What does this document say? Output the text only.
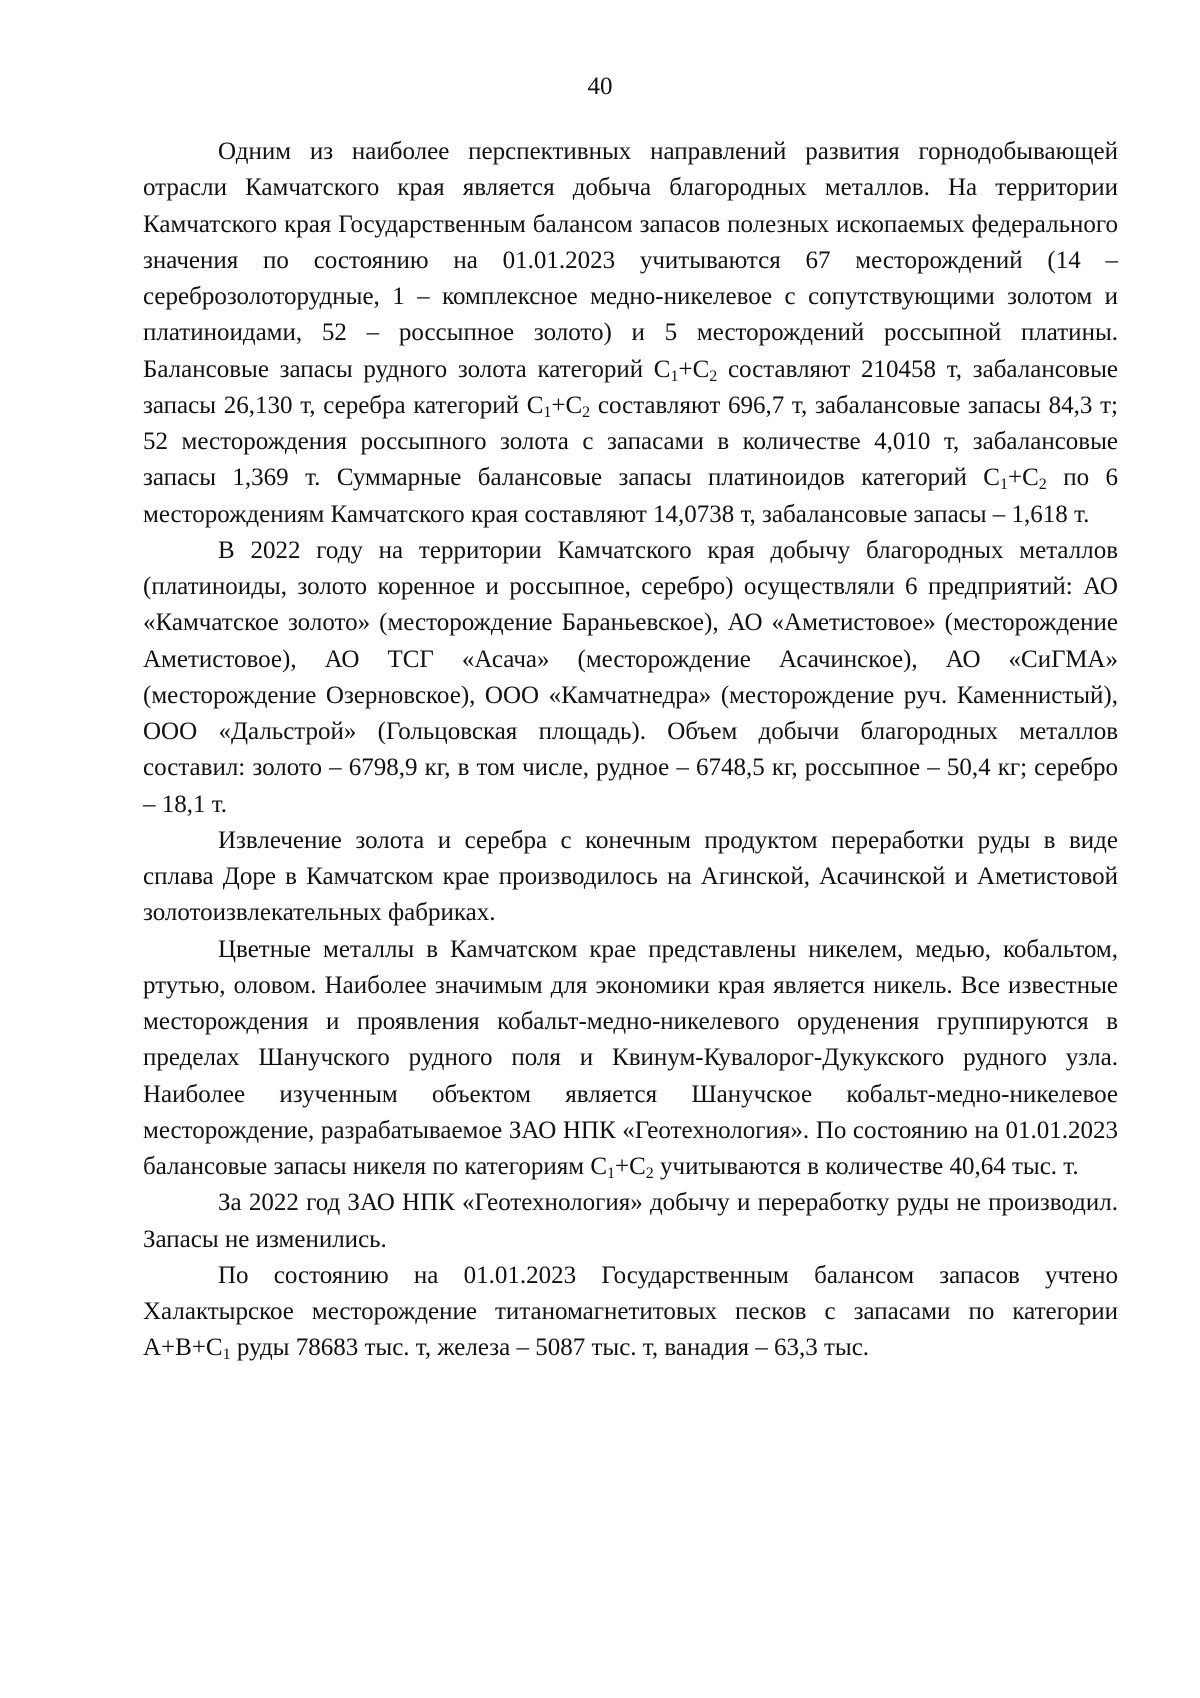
40

Одним из наиболее перспективных направлений развития горнодобывающей отрасли Камчатского края является добыча благородных металлов. На территории Камчатского края Государственным балансом запасов полезных ископаемых федерального значения по состоянию на 01.01.2023 учитываются 67 месторождений (14 – сереброзолоторудные, 1 – комплексное медно-никелевое с сопутствующими золотом и платиноидами, 52 – россыпное золото) и 5 месторождений россыпной платины. Балансовые запасы рудного золота категорий $С_1+С_2$ составляют 210458 т, забалансовые запасы 26,130 т, серебра категорий $С_1+С_2$ составляют 696,7 т, забалансовые запасы 84,3 т; 52 месторождения россыпного золота с запасами в количестве 4,010 т, забалансовые запасы 1,369 т. Суммарные балансовые запасы платиноидов категорий $С_1+С_2$ по 6 месторождениям Камчатского края составляют 14,0738 т, забалансовые запасы – 1,618 т.

В 2022 году на территории Камчатского края добычу благородных металлов (платиноиды, золото коренное и россыпное, серебро) осуществляли 6 предприятий: АО «Камчатское золото» (месторождение Бараньевское), АО «Аметистовое» (месторождение Аметистовое), АО ТСГ «Асача» (месторождение Асачинское), АО «СиГМА» (месторождение Озерновское), ООО «Камчатнедра» (месторождение руч. Каменнистый), ООО «Дальстрой» (Гольцовская площадь). Объем добычи благородных металлов составил: золото – 6798,9 кг, в том числе, рудное – 6748,5 кг, россыпное – 50,4 кг; серебро – 18,1 т.

Извлечение золота и серебра с конечным продуктом переработки руды в виде сплава Доре в Камчатском крае производилось на Агинской, Асачинской и Аметистовой золотоизвлекательных фабриках.

Цветные металлы в Камчатском крае представлены никелем, медью, кобальтом, ртутью, оловом. Наиболее значимым для экономики края является никель. Все известные месторождения и проявления кобальт-медно-никелевого оруденения группируются в пределах Шанучского рудного поля и Квинум-Кувалорог-Дукукского рудного узла. Наиболее изученным объектом является Шанучское кобальт-медно-никелевое месторождение, разрабатываемое ЗАО НПК «Геотехнология». По состоянию на 01.01.2023 балансовые запасы никеля по категориям $С_1+С_2$ учитываются в количестве 40,64 тыс. т.

За 2022 год ЗАО НПК «Геотехнология» добычу и переработку руды не производил. Запасы не изменились.

По состоянию на 01.01.2023 Государственным балансом запасов учтено Халактырское месторождение титаномагнетитовых песков с запасами по категории $А+В+С_1$ руды 78683 тыс. т, железа – 5087 тыс. т, ванадия – 63,3 тыс.
